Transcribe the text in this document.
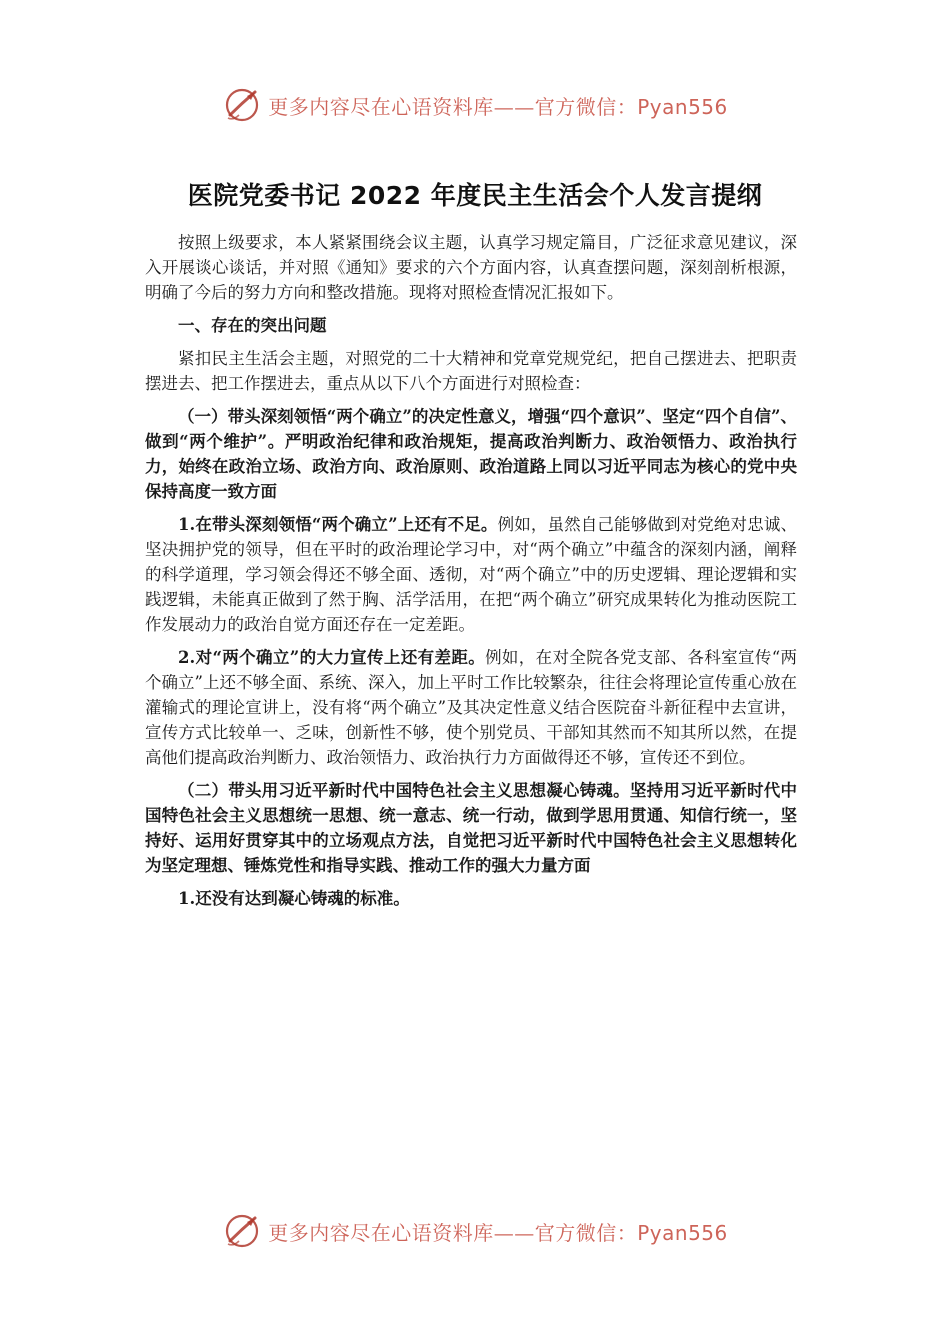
更多内容尽在心语资料库——官方微信：Pyan556
医院党委书记 2022 年度民主生活会个人发言提纲

按照上级要求，本人紧紧围绕会议主题，认真学习规定篇目，广泛征求意见建议，深入开展谈心谈话，并对照《通知》要求的六个方面内容，认真查摆问题，深刻剖析根源，明确了今后的努力方向和整改措施。现将对照检查情况汇报如下。

一、存在的突出问题

紧扣民主生活会主题，对照党的二十大精神和党章党规党纪，把自己摆进去、把职责摆进去、把工作摆进去，重点从以下八个方面进行对照检查：

（一）带头深刻领悟“两个确立”的决定性意义，增强“四个意识”、坚定“四个自信”、做到“两个维护”。严明政治纪律和政治规矩，提高政治判断力、政治领悟力、政治执行力，始终在政治立场、政治方向、政治原则、政治道路上同以习近平同志为核心的党中央保持高度一致方面

1.在带头深刻领悟“两个确立”上还有不足。例如，虽然自己能够做到对党绝对忠诚、坚决拥护党的领导，但在平时的政治理论学习中，对“两个确立”中蕴含的深刻内涵，阐释的科学道理，学习领会得还不够全面、透彻，对“两个确立”中的历史逻辑、理论逻辑和实践逻辑，未能真正做到了然于胸、活学活用，在把“两个确立”研究成果转化为推动医院工作发展动力的政治自觉方面还存在一定差距。

2.对“两个确立”的大力宣传上还有差距。例如，在对全院各党支部、各科室宣传“两个确立”上还不够全面、系统、深入，加上平时工作比较繁杂，往往会将理论宣传重心放在灌输式的理论宣讲上，没有将“两个确立”及其决定性意义结合医院奋斗新征程中去宣讲，宣传方式比较单一、乏味，创新性不够，使个别党员、干部知其然而不知其所以然，在提高他们提高政治判断力、政治领悟力、政治执行力方面做得还不够，宣传还不到位。

（二）带头用习近平新时代中国特色社会主义思想凝心铸魂。坚持用习近平新时代中国特色社会主义思想统一思想、统一意志、统一行动，做到学思用贯通、知信行统一，坚持好、运用好贯穿其中的立场观点方法，自觉把习近平新时代中国特色社会主义思想转化为坚定理想、锤炼党性和指导实践、推动工作的强大力量方面

1.还没有达到凝心铸魂的标准。

更多内容尽在心语资料库——官方微信：Pyan556
